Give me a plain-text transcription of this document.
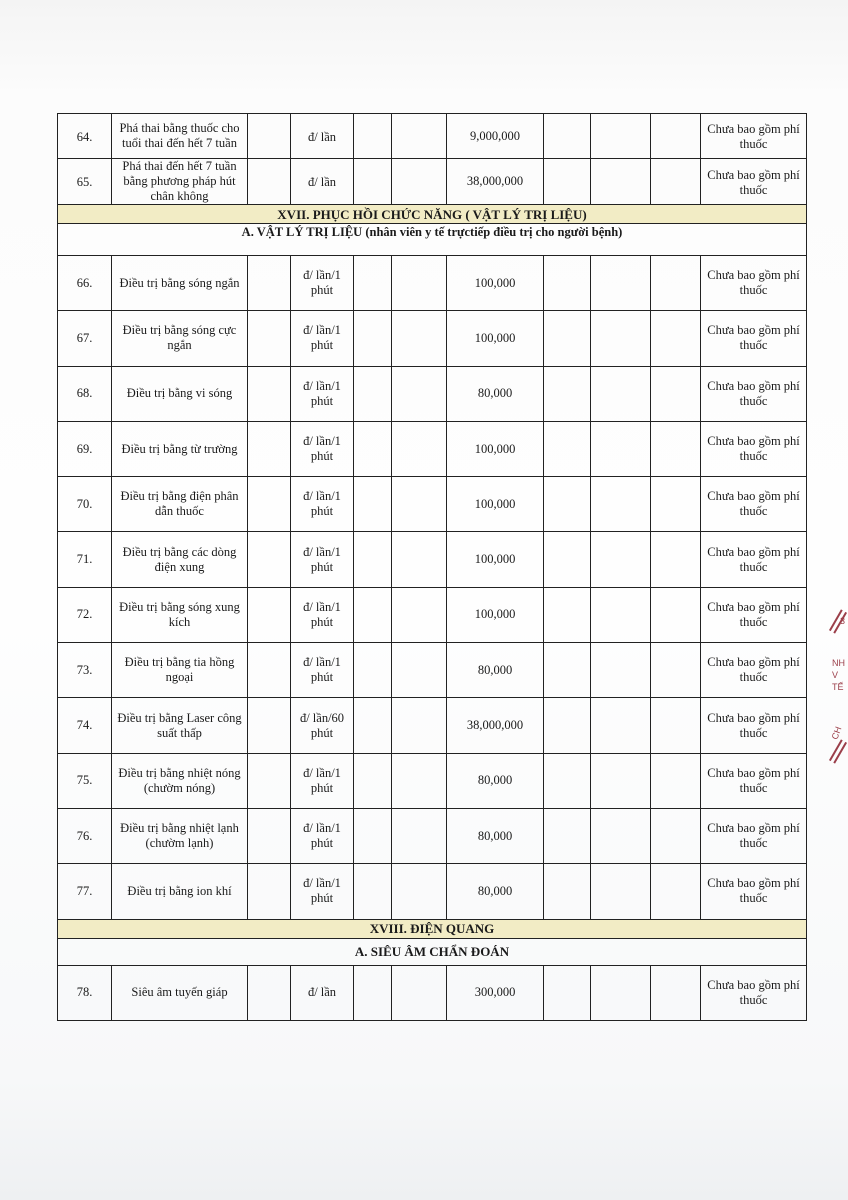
64.	Phá thai bằng thuốc cho tuổi thai đến hết 7 tuần		đ/ lần			9,000,000				Chưa bao gồm phí thuốc
65.	Phá thai đến hết 7 tuần bằng phương pháp hút chân không		đ/ lần			38,000,000				Chưa bao gồm phí thuốc
XVII. PHỤC HỒI CHỨC NĂNG ( VẬT LÝ TRỊ LIỆU)										
A. VẬT LÝ TRỊ LIỆU (nhân viên y tế trựctiếp điều trị cho người bệnh)										
66.	Điều trị bằng sóng ngắn		đ/ lần/1 phút			100,000				Chưa bao gồm phí thuốc
67.	Điều trị bằng sóng cực ngắn		đ/ lần/1 phút			100,000				Chưa bao gồm phí thuốc
68.	Điều trị bằng vi sóng		đ/ lần/1 phút			80,000				Chưa bao gồm phí thuốc
69.	Điều trị bằng từ trường		đ/ lần/1 phút			100,000				Chưa bao gồm phí thuốc
70.	Điều trị bằng điện phân dẫn thuốc		đ/ lần/1 phút			100,000				Chưa bao gồm phí thuốc
71.	Điều trị bằng các dòng điện xung		đ/ lần/1 phút			100,000				Chưa bao gồm phí thuốc
72.	Điều trị bằng sóng xung kích		đ/ lần/1 phút			100,000				Chưa bao gồm phí thuốc
73.	Điều trị bằng tia hồng ngoại		đ/ lần/1 phút			80,000				Chưa bao gồm phí thuốc
74.	Điều trị bằng Laser công suất thấp		đ/ lần/60 phút			38,000,000				Chưa bao gồm phí thuốc
75.	Điều trị bằng nhiệt nóng (chườm nóng)		đ/ lần/1 phút			80,000				Chưa bao gồm phí thuốc
76.	Điều trị bằng nhiệt lạnh (chườm lạnh)		đ/ lần/1 phút			80,000				Chưa bao gồm phí thuốc
77.	Điều trị bằng ion khí		đ/ lần/1 phút			80,000				Chưa bao gồm phí thuốc
XVIII. ĐIỆN QUANG										
A. SIÊU ÂM CHẨN ĐOÁN										
78.	Siêu âm tuyến giáp		đ/ lần			300,000				Chưa bao gồm phí thuốc
3
NH
V
TẾ
CH
